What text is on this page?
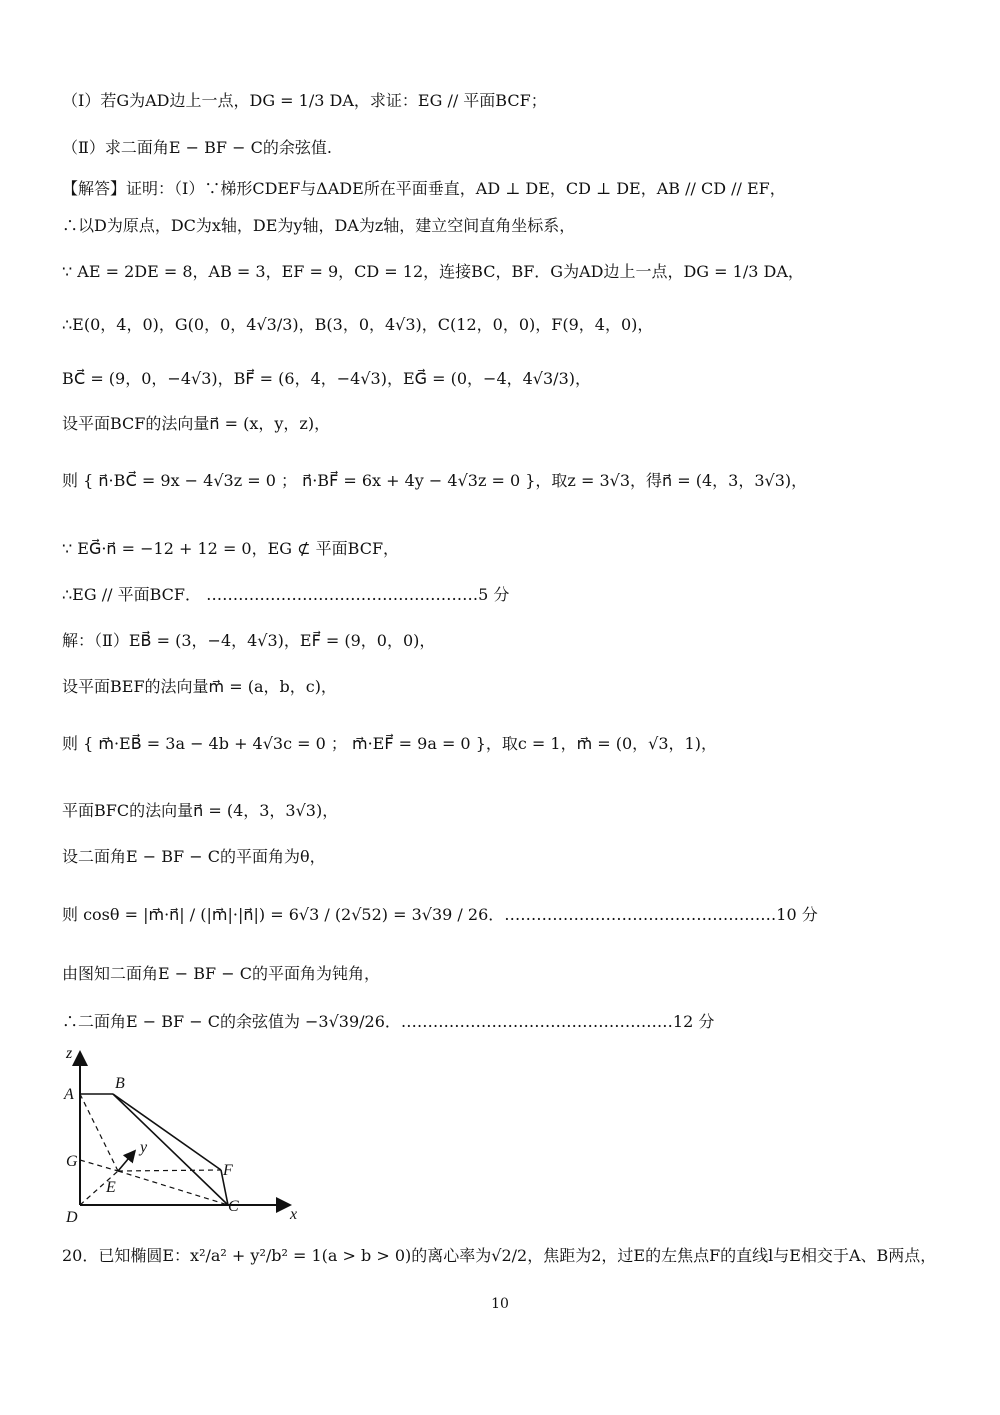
（Ⅰ）若G为AD边上一点，DG = 1/3 DA，求证：EG // 平面BCF；
（Ⅱ）求二面角E − BF − C的余弦值.
【解答】证明：（Ⅰ）∵梯形CDEF与ΔADE所在平面垂直，AD ⊥ DE，CD ⊥ DE，AB // CD // EF，
∴以D为原点，DC为x轴，DE为y轴，DA为z轴，建立空间直角坐标系，
∵ AE = 2DE = 8，AB = 3，EF = 9，CD = 12，连接BC，BF．G为AD边上一点，DG = 1/3 DA，
∴E(0，4，0)，G(0，0，4√3/3)，B(3，0，4√3)，C(12，0，0)，F(9，4，0)，
BC⃗ = (9，0，−4√3)，BF⃗ = (6，4，−4√3)，EG⃗ = (0，−4，4√3/3)，
设平面BCF的法向量n⃗ = (x，y，z)，
则 { n⃗·BC⃗ = 9x − 4√3z = 0 ； n⃗·BF⃗ = 6x + 4y − 4√3z = 0 }，取z = 3√3，得n⃗ = (4，3，3√3)，
∵ EG⃗·n⃗ = −12 + 12 = 0，EG ⊄ 平面BCF，
∴EG // 平面BCF． ……………………………………………5 分
解：（Ⅱ）EB⃗ = (3，−4，4√3)，EF⃗ = (9，0，0)，
设平面BEF的法向量m⃗ = (a，b，c)，
则 { m⃗·EB⃗ = 3a − 4b + 4√3c = 0 ； m⃗·EF⃗ = 9a = 0 }，取c = 1，m⃗ = (0，√3，1)，
平面BFC的法向量n⃗ = (4，3，3√3)，
设二面角E − BF − C的平面角为θ，
则 cosθ = |m⃗·n⃗| / (|m⃗|·|n⃗|) = 6√3 / (2√52) = 3√39 / 26．……………………………………………10 分
由图知二面角E − BF − C的平面角为钝角，
∴二面角E − BF − C的余弦值为 −3√39/26．……………………………………………12 分
z
A
B
G
y
E
F
D
C	x
20．已知椭圆E：x²/a² + y²/b² = 1(a > b > 0)的离心率为√2/2，焦距为2，过E的左焦点F的直线l与E相交于A、B两点，
10
